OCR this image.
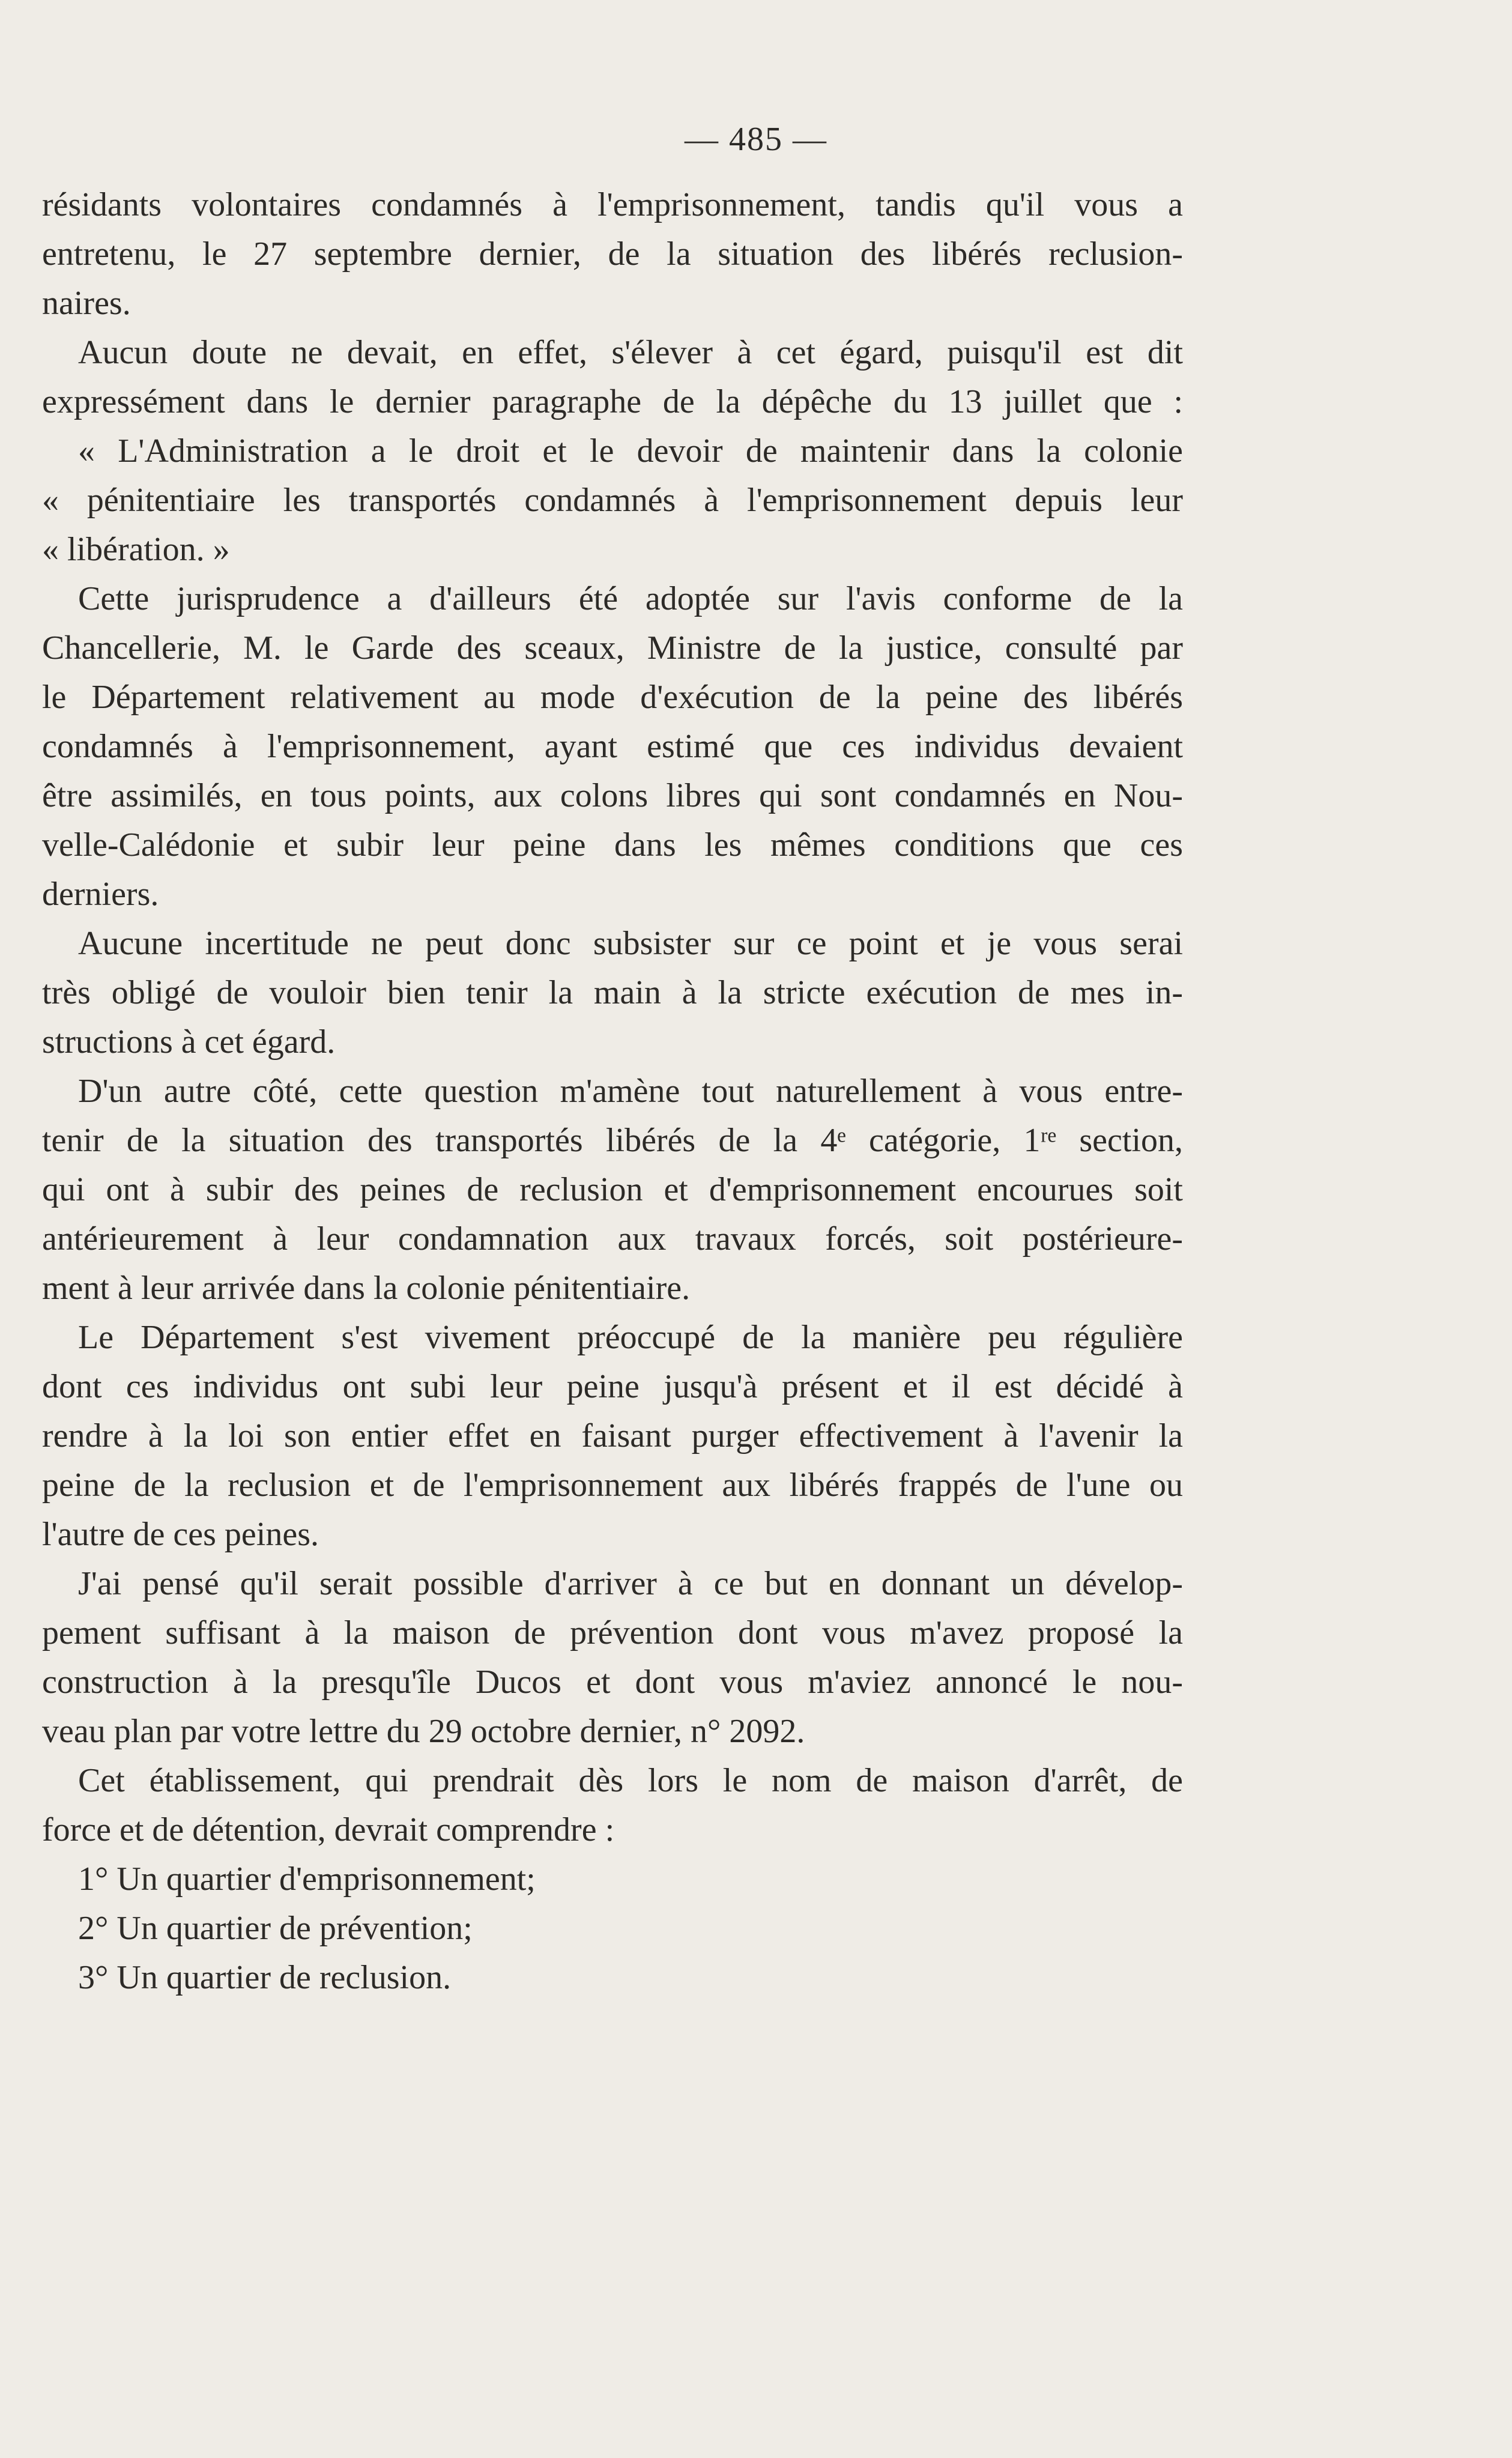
— 485 —
résidants volontaires condamnés à l'emprisonnement, tandis qu'il vous a
entretenu, le 27 septembre dernier, de la situation des libérés reclusion-
naires.
Aucun doute ne devait, en effet, s'élever à cet égard, puisqu'il est dit
expressément dans le dernier paragraphe de la dépêche du 13 juillet que :
« L'Administration a le droit et le devoir de maintenir dans la colonie
« pénitentiaire les transportés condamnés à l'emprisonnement depuis leur
« libération. »
Cette jurisprudence a d'ailleurs été adoptée sur l'avis conforme de la
Chancellerie, M. le Garde des sceaux, Ministre de la justice, consulté par
le Département relativement au mode d'exécution de la peine des libérés
condamnés à l'emprisonnement, ayant estimé que ces individus devaient
être assimilés, en tous points, aux colons libres qui sont condamnés en Nou-
velle-Calédonie et subir leur peine dans les mêmes conditions que ces
derniers.
Aucune incertitude ne peut donc subsister sur ce point et je vous serai
très obligé de vouloir bien tenir la main à la stricte exécution de mes in-
structions à cet égard.
D'un autre côté, cette question m'amène tout naturellement à vous entre-
tenir de la situation des transportés libérés de la 4ᵉ catégorie, 1ʳᵉ section,
qui ont à subir des peines de reclusion et d'emprisonnement encourues soit
antérieurement à leur condamnation aux travaux forcés, soit postérieure-
ment à leur arrivée dans la colonie pénitentiaire.
Le Département s'est vivement préoccupé de la manière peu régulière
dont ces individus ont subi leur peine jusqu'à présent et il est décidé à
rendre à la loi son entier effet en faisant purger effectivement à l'avenir la
peine de la reclusion et de l'emprisonnement aux libérés frappés de l'une ou
l'autre de ces peines.
J'ai pensé qu'il serait possible d'arriver à ce but en donnant un dévelop-
pement suffisant à la maison de prévention dont vous m'avez proposé la
construction à la presqu'île Ducos et dont vous m'aviez annoncé le nou-
veau plan par votre lettre du 29 octobre dernier, n° 2092.
Cet établissement, qui prendrait dès lors le nom de maison d'arrêt, de
force et de détention, devrait comprendre :
1° Un quartier d'emprisonnement;
2° Un quartier de prévention;
3° Un quartier de reclusion.
